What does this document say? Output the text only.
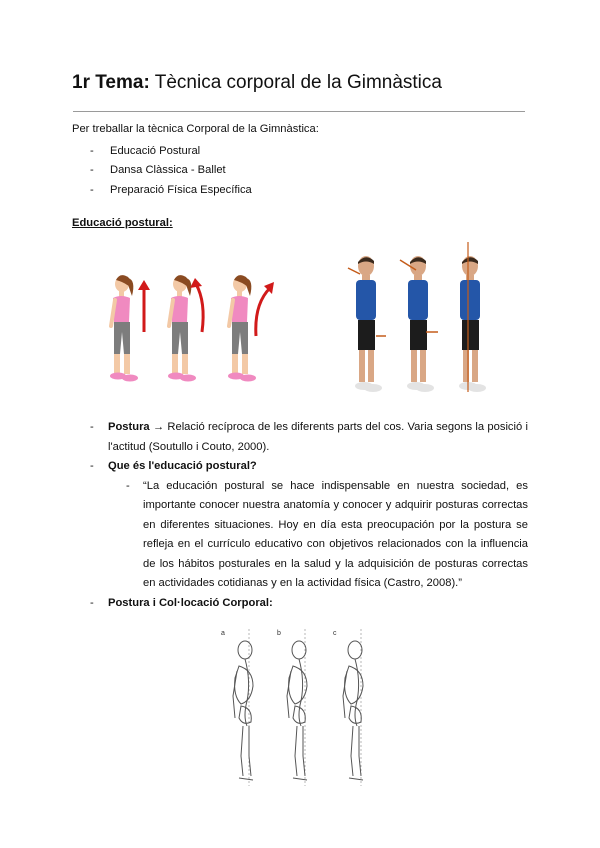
1r Tema: Tècnica corporal de la Gimnàstica
Per treballar la tècnica Corporal de la Gimnàstica:
- Educació Postural
- Dansa Clàssica - Ballet
- Preparació Física Específica
Educació postural:
- Postura → Relació recíproca de les diferents parts del cos. Varia segons la posició i l'actitud (Soutullo i Couto, 2000).
- Que és l'educació postural?
- “La educación postural se hace indispensable en nuestra sociedad, es importante conocer nuestra anatomía y conocer y adquirir posturas correctas en diferentes situaciones. Hoy en día esta preocupación por la postura se refleja en el currículo educativo con objetivos relacionados con la influencia de los hábitos posturales en la salud y la adquisición de posturas correctas en actividades cotidianas y en la actividad física (Castro, 2008).”
- Postura i Col·locació Corporal:
a	b	c
